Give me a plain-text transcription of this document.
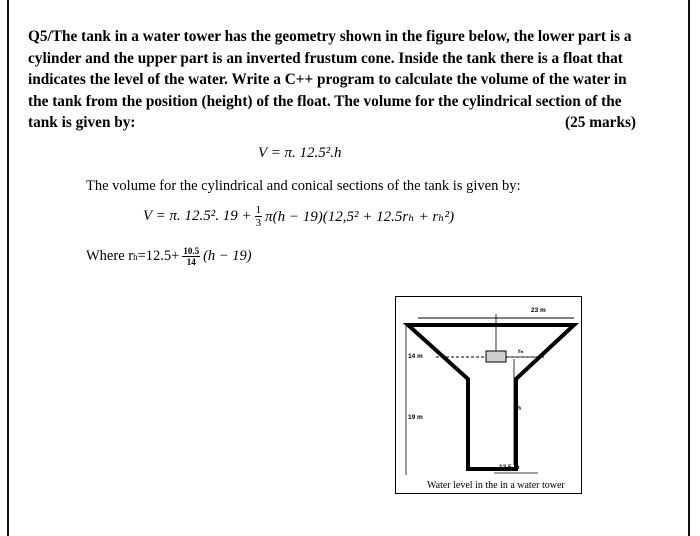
Q5/The tank in a water tower has the geometry shown in the figure below, the lower part is a cylinder and the upper part is an inverted frustum cone. Inside the tank there is a float that indicates the level of the water. Write a C++ program to calculate the volume of the water in the tank from the position (height) of the float. The volume for the cylindrical section of the tank is given by:	(25 marks)

V = π. 12.5².h
The volume for the cylindrical and conical sections of the tank is given by:
V = π. 12.5². $19 + \frac{1}{3} \pi(h - 19)(12,5^2 + 12.5r_h + r_h^2)$
Where r $h =12.5+ \frac{10.5}{14} (h - 19)$
23 m
14 m
rₕ
h
19 m
12.5 m
Water level in the in a water tower
